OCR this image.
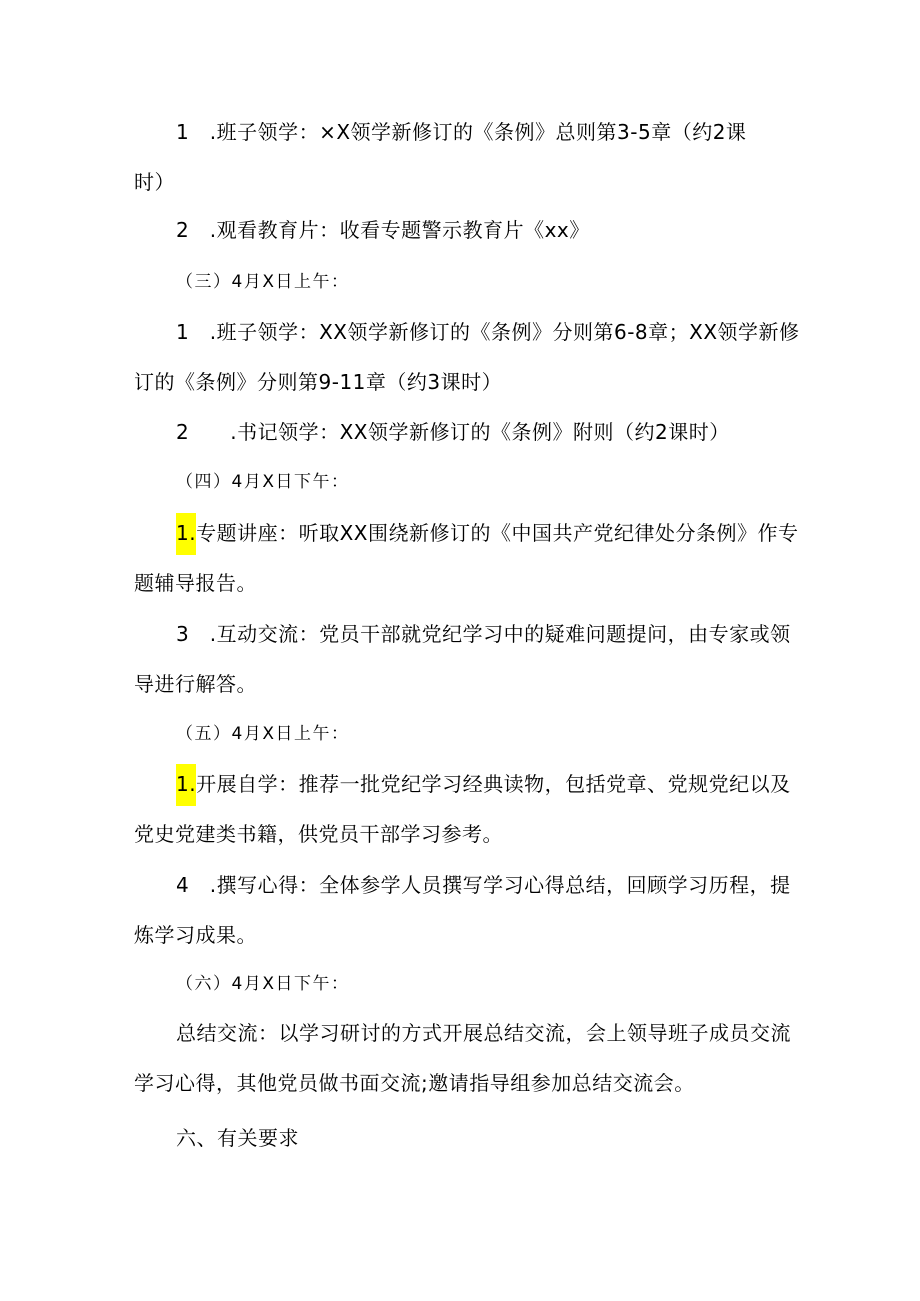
1　.班子领学：×X领学新修订的《条例》总则第3-5章（约2课
时）
2　.观看教育片：收看专题警示教育片《xx》
（三）4月X日上午：
1　.班子领学：XX领学新修订的《条例》分则第6-8章；XX领学新修
订的《条例》分则第9-11章（约3课时）
2　　.书记领学：XX领学新修订的《条例》附则（约2课时）
（四）4月X日下午：
1.专题讲座：听取XX围绕新修订的《中国共产党纪律处分条例》作专
题辅导报告。
3　.互动交流：党员干部就党纪学习中的疑难问题提问，由专家或领
导进行解答。
（五）4月X日上午：
1.开展自学：推荐一批党纪学习经典读物，包括党章、党规党纪以及
党史党建类书籍，供党员干部学习参考。
4　.撰写心得：全体参学人员撰写学习心得总结，回顾学习历程，提
炼学习成果。
（六）4月X日下午：
总结交流：以学习研讨的方式开展总结交流，会上领导班子成员交流
学习心得，其他党员做书面交流;邀请指导组参加总结交流会。
六、有关要求
